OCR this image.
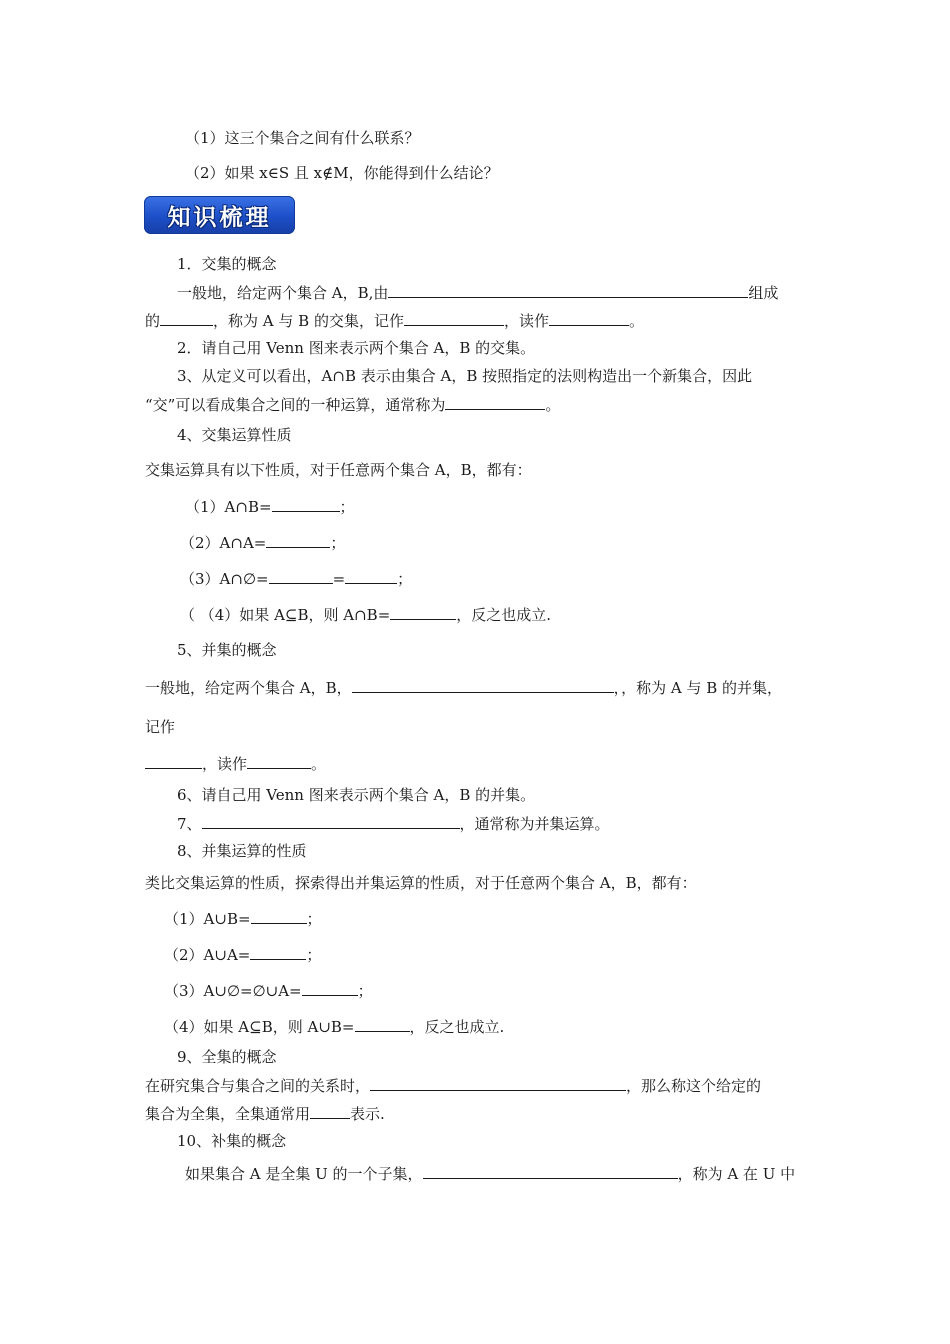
（1）这三个集合之间有什么联系？
（2）如果 x∈S 且 x∉M，你能得到什么结论？
知识梳理
1．交集的概念
一般地，给定两个集合 A，B,由	组成
的	，称为 A 与 B 的交集，记作	，读作	。
2．请自己用 Venn 图来表示两个集合 A，B 的交集。
3、从定义可以看出，A∩B 表示由集合 A，B 按照指定的法则构造出一个新集合，因此
“交”可以看成集合之间的一种运算，通常称为	。
4、交集运算性质
交集运算具有以下性质，对于任意两个集合 A，B，都有：
（1）A∩B=	；
（2）A∩A=	；
（3）A∩∅=	=	；
（ （4）如果 A⊆B，则 A∩B=	，反之也成立.
5、并集的概念
一般地，给定两个集合 A，B，	，，称为 A 与 B 的并集，
记作
，读作	。
6、请自己用 Venn 图来表示两个集合 A，B 的并集。
7、	，通常称为并集运算。
8、并集运算的性质
类比交集运算的性质，探索得出并集运算的性质，对于任意两个集合 A，B，都有：
（1）A∪B=	；
（2）A∪A=	；
（3）A∪∅=∅∪A=	；
（4）如果 A⊆B，则 A∪B=	，反之也成立.
9、全集的概念
在研究集合与集合之间的关系时，	，那么称这个给定的
集合为全集，全集通常用	表示.
10、补集的概念
如果集合 A 是全集 U 的一个子集，	，称为 A 在 U 中
